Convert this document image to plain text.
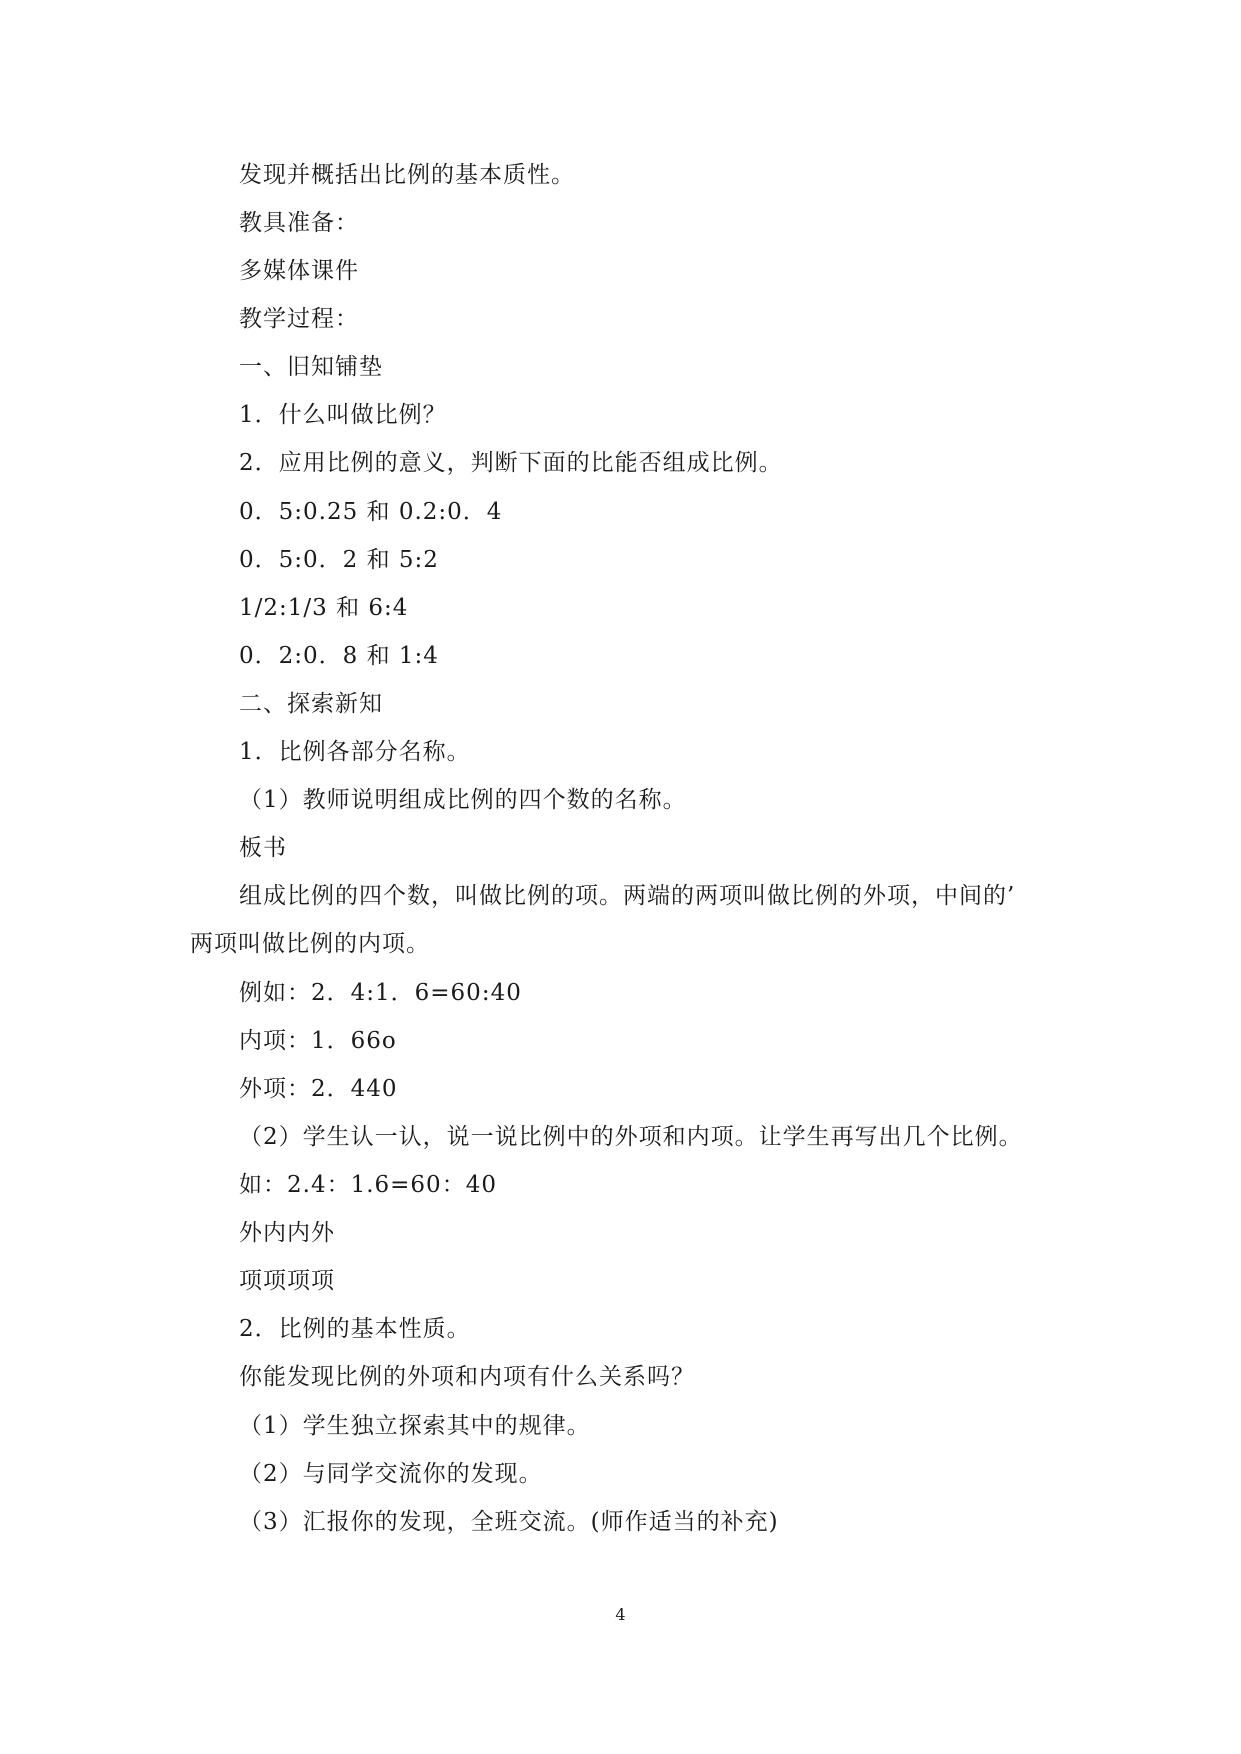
发现并概括出比例的基本质性。
教具准备：
多媒体课件
教学过程：
一、旧知铺垫
1．什么叫做比例？
2．应用比例的意义，判断下面的比能否组成比例。
0．5:0.25 和 0.2:0．4
0．5:0．2 和 5:2
1/2:1/3 和 6:4
0．2:0．8 和 1:4
二、探索新知
1．比例各部分名称。
（1）教师说明组成比例的四个数的名称。
板书
组成比例的四个数，叫做比例的项。两端的两项叫做比例的外项，中间的’
两项叫做比例的内项。
例如：2．4:1．6=60:40
内项：1．66o
外项：2．440
（2）学生认一认，说一说比例中的外项和内项。让学生再写出几个比例。
如：2.4：1.6=60：40
外内内外
项项项项
2．比例的基本性质。
你能发现比例的外项和内项有什么关系吗？
（1）学生独立探索其中的规律。
（2）与同学交流你的发现。
（3）汇报你的发现，全班交流。(师作适当的补充)
4
